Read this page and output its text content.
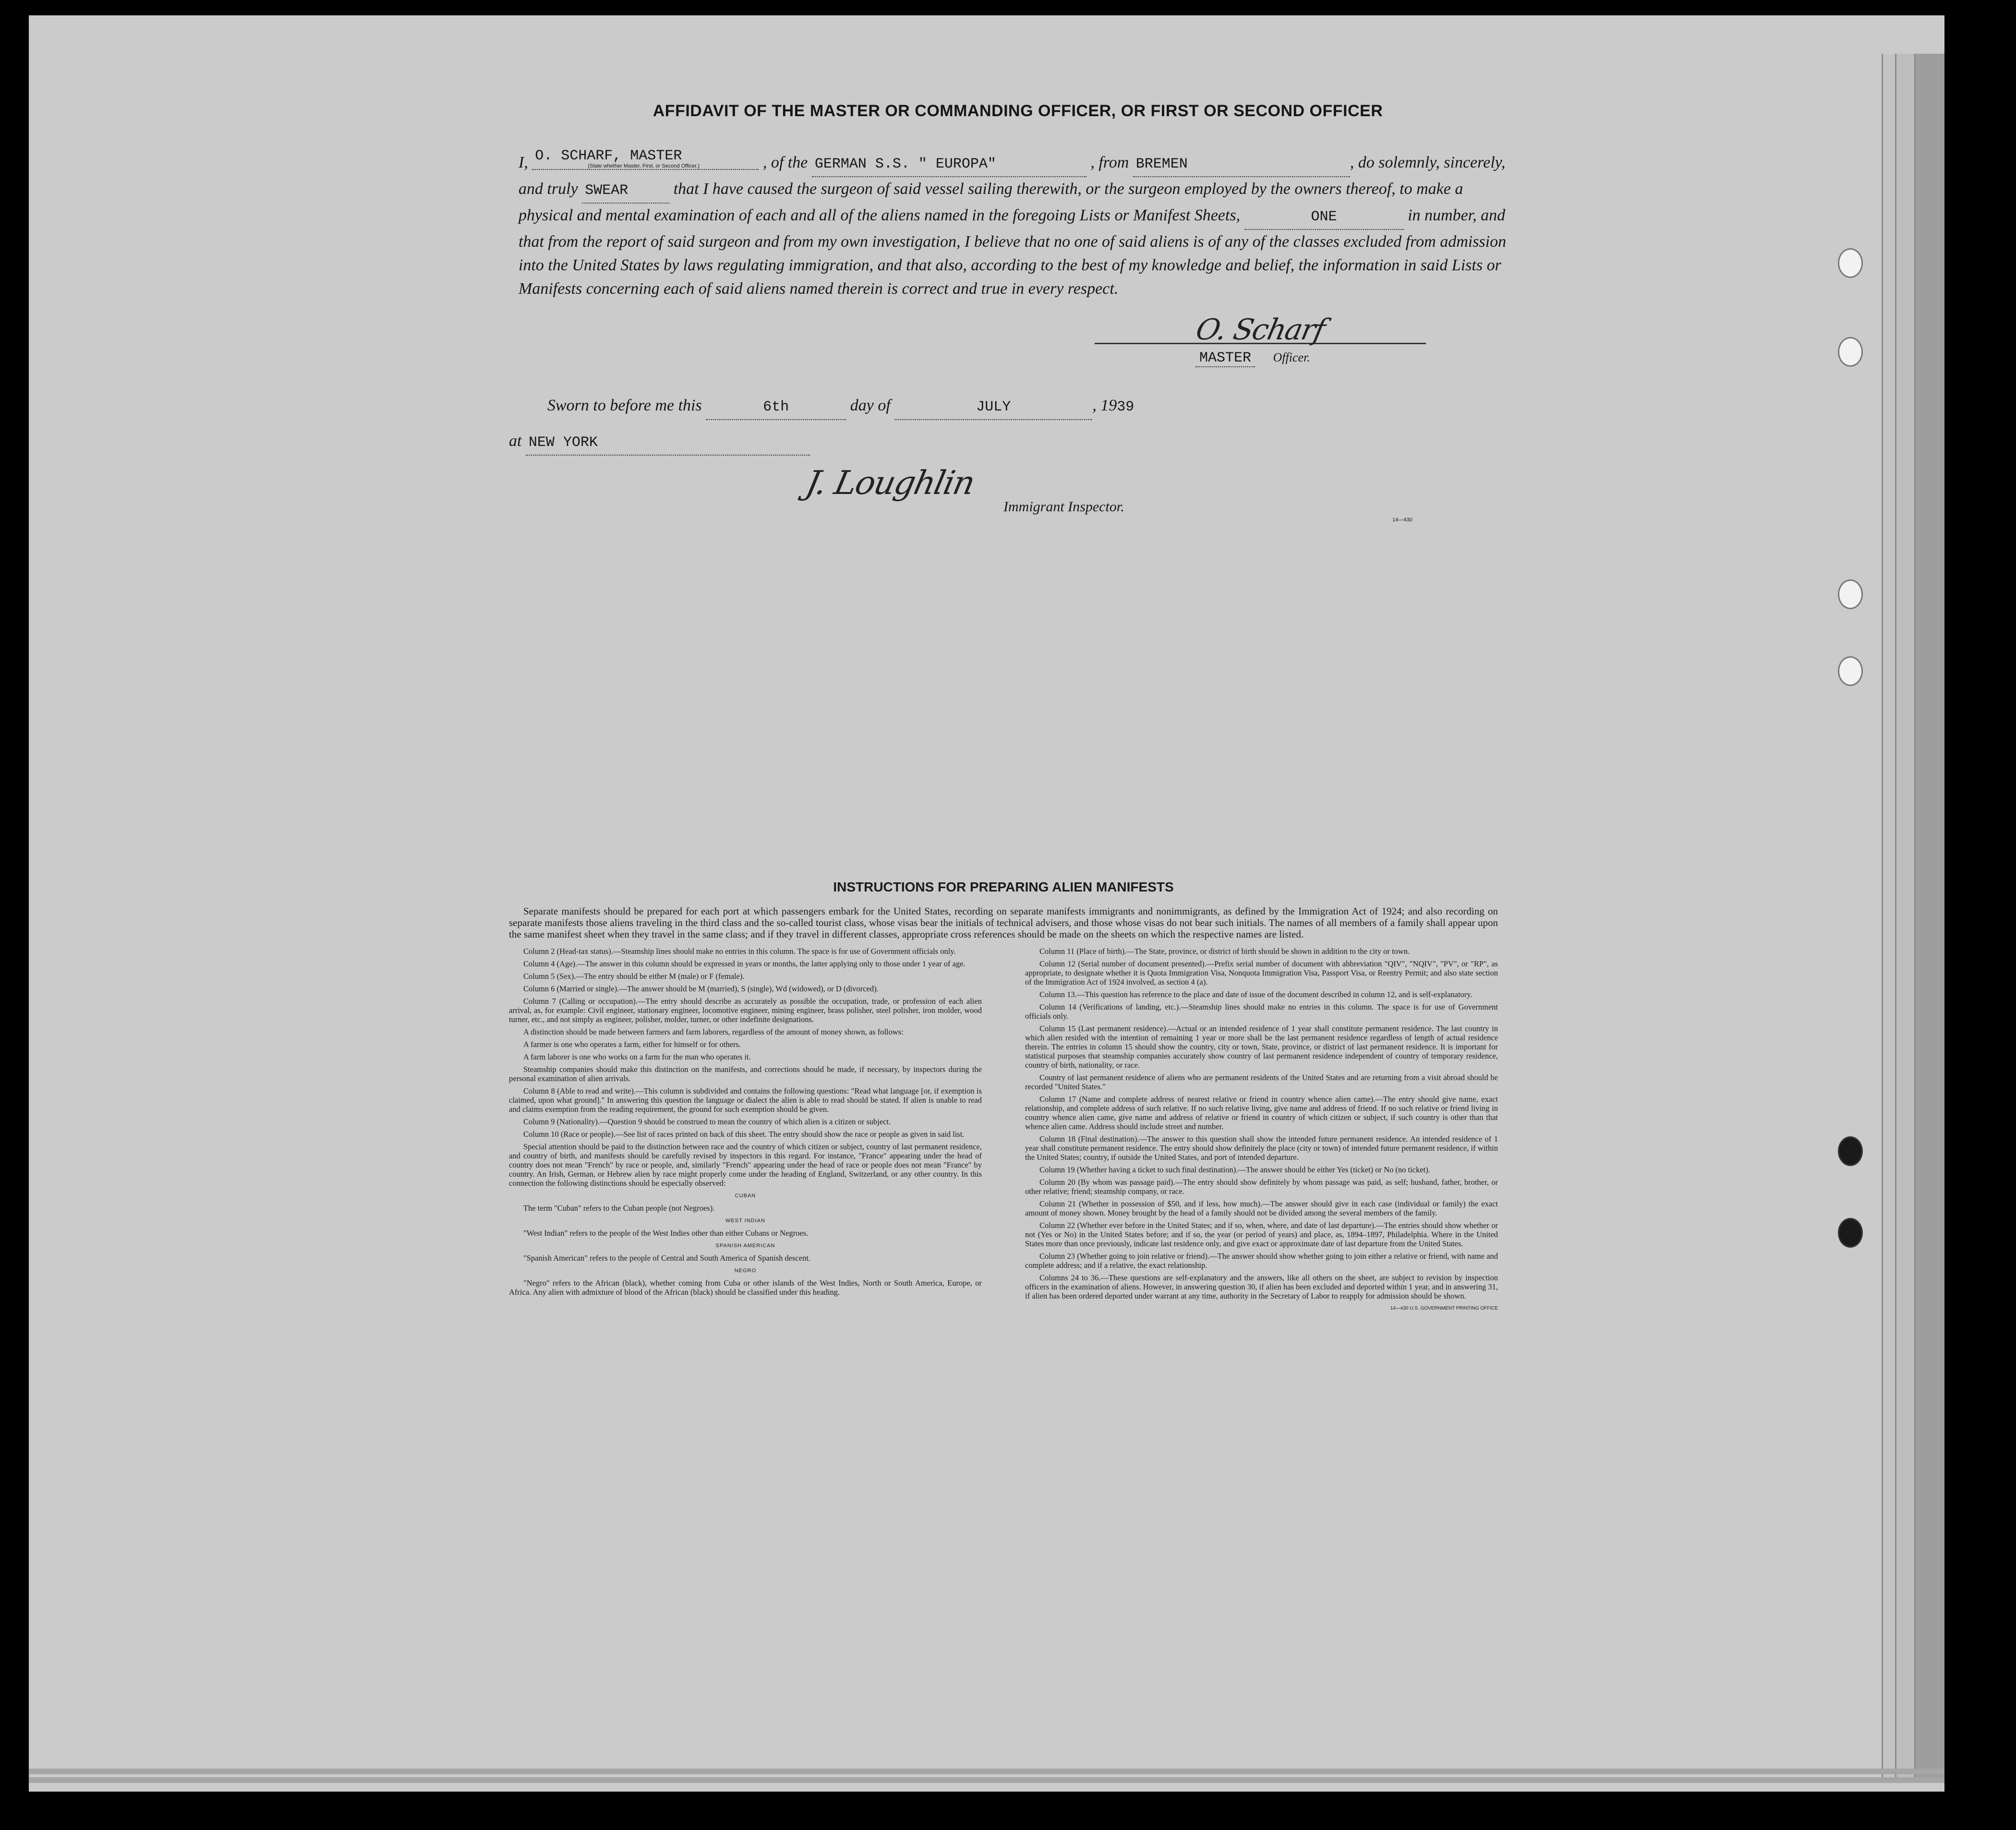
AFFIDAVIT OF THE MASTER OR COMMANDING OFFICER, OR FIRST OR SECOND OFFICER
I, O. SCHARF, MASTER
(State whether Master, First, or Second Officer.)	, of the GERMAN S.S. " EUROPA"	, from BREMEN	, do solemnly, sincerely, and truly SWEAR	that I have caused the surgeon of said vessel sailing therewith, or the surgeon employed by the owners thereof, to make a physical and mental examination of each and all of the aliens named in the foregoing Lists or Manifest Sheets,	ONE	in number, and that from the report of said surgeon and from my own investigation, I believe that no one of said aliens is of any of the classes excluded from admission into the United States by laws regulating immigration, and that also, according to the best of my knowledge and belief, the information in said Lists or Manifests concerning each of said aliens named therein is correct and true in every respect.
O. Scharf
MASTER Officer.
Sworn to before me this	6th	day of	JULY	, 1939
at NEW YORK
J. Loughlin
Immigrant Inspector.
14—430
INSTRUCTIONS FOR PREPARING ALIEN MANIFESTS

Separate manifests should be prepared for each port at which passengers embark for the United States, recording on separate manifests immigrants and nonimmigrants, as defined by the Immigration Act of 1924; and also recording on separate manifests those aliens traveling in the third class and the so-called tourist class, whose visas bear the initials of technical advisers, and those whose visas do not bear such initials. The names of all members of a family shall appear upon the same manifest sheet when they travel in the same class; and if they travel in different classes, appropriate cross references should be made on the sheets on which the respective names are listed.

Column 2 (Head-tax status).—Steamship lines should make no entries in this column. The space is for use of Government officials only.

Column 4 (Age).—The answer in this column should be expressed in years or months, the latter applying only to those under 1 year of age.

Column 5 (Sex).—The entry should be either M (male) or F (female).

Column 6 (Married or single).—The answer should be M (married), S (single), Wd (widowed), or D (divorced).

Column 7 (Calling or occupation).—The entry should describe as accurately as possible the occupation, trade, or profession of each alien arrival, as, for example: Civil engineer, stationary engineer, locomotive engineer, mining engineer, brass polisher, steel polisher, iron molder, wood turner, etc., and not simply as engineer, polisher, molder, turner, or other indefinite designations.

A distinction should be made between farmers and farm laborers, regardless of the amount of money shown, as follows:

A farmer is one who operates a farm, either for himself or for others.

A farm laborer is one who works on a farm for the man who operates it.

Steamship companies should make this distinction on the manifests, and corrections should be made, if necessary, by inspectors during the personal examination of alien arrivals.

Column 8 (Able to read and write).—This column is subdivided and contains the following questions: "Read what language [or, if exemption is claimed, upon what ground]." In answering this question the language or dialect the alien is able to read should be stated. If alien is unable to read and claims exemption from the reading requirement, the ground for such exemption should be given.

Column 9 (Nationality).—Question 9 should be construed to mean the country of which alien is a citizen or subject.

Column 10 (Race or people).—See list of races printed on back of this sheet. The entry should show the race or people as given in said list.

Special attention should be paid to the distinction between race and the country of which citizen or subject, country of last permanent residence, and country of birth, and manifests should be carefully revised by inspectors in this regard. For instance, "France" appearing under the head of country does not mean "French" by race or people, and, similarly "French" appearing under the head of race or people does not mean "France" by country. An Irish, German, or Hebrew alien by race might properly come under the heading of England, Switzerland, or any other country. In this connection the following distinctions should be especially observed:

CUBAN

The term "Cuban" refers to the Cuban people (not Negroes).

WEST INDIAN

"West Indian" refers to the people of the West Indies other than either Cubans or Negroes.

SPANISH AMERICAN

"Spanish American" refers to the people of Central and South America of Spanish descent.

NEGRO

"Negro" refers to the African (black), whether coming from Cuba or other islands of the West Indies, North or South America, Europe, or Africa. Any alien with admixture of blood of the African (black) should be classified under this heading.

Column 11 (Place of birth).—The State, province, or district of birth should be shown in addition to the city or town.

Column 12 (Serial number of document presented).—Prefix serial number of document with abbreviation "QIV", "NQIV", "PV", or "RP", as appropriate, to designate whether it is Quota Immigration Visa, Nonquota Immigration Visa, Passport Visa, or Reentry Permit; and also state section of the Immigration Act of 1924 involved, as section 4 (a).

Column 13.—This question has reference to the place and date of issue of the document described in column 12, and is self-explanatory.

Column 14 (Verifications of landing, etc.).—Steamship lines should make no entries in this column. The space is for use of Government officials only.

Column 15 (Last permanent residence).—Actual or an intended residence of 1 year shall constitute permanent residence. The last country in which alien resided with the intention of remaining 1 year or more shall be the last permanent residence regardless of length of actual residence therein. The entries in column 15 should show the country, city or town, State, province, or district of last permanent residence. It is important for statistical purposes that steamship companies accurately show country of last permanent residence independent of country of temporary residence, country of birth, nationality, or race.

Country of last permanent residence of aliens who are permanent residents of the United States and are returning from a visit abroad should be recorded "United States."

Column 17 (Name and complete address of nearest relative or friend in country whence alien came).—The entry should give name, exact relationship, and complete address of such relative. If no such relative living, give name and address of friend. If no such relative or friend living in country whence alien came, give name and address of relative or friend in country of which citizen or subject, if such country is other than that whence alien came. Address should include street and number.

Column 18 (Final destination).—The answer to this question shall show the intended future permanent residence. An intended residence of 1 year shall constitute permanent residence. The entry should show definitely the place (city or town) of intended future permanent residence, if within the United States; country, if outside the United States, and port of intended departure.

Column 19 (Whether having a ticket to such final destination).—The answer should be either Yes (ticket) or No (no ticket).

Column 20 (By whom was passage paid).—The entry should show definitely by whom passage was paid, as self; husband, father, brother, or other relative; friend; steamship company, or race.

Column 21 (Whether in possession of $50, and if less, how much).—The answer should give in each case (individual or family) the exact amount of money shown. Money brought by the head of a family should not be divided among the several members of the family.

Column 22 (Whether ever before in the United States; and if so, when, where, and date of last departure).—The entries should show whether or not (Yes or No) in the United States before; and if so, the year (or period of years) and place, as, 1894–1897, Philadelphia. Where in the United States more than once previously, indicate last residence only, and give exact or approximate date of last departure from the United States.

Column 23 (Whether going to join relative or friend).—The answer should show whether going to join either a relative or friend, with name and complete address; and if a relative, the exact relationship.

Columns 24 to 36.—These questions are self-explanatory and the answers, like all others on the sheet, are subject to revision by inspection officers in the examination of aliens. However, in answering question 30, if alien has been excluded and deported within 1 year, and in answering 31, if alien has been ordered deported under warrant at any time, authority in the Secretary of Labor to reapply for admission should be shown.

14—430 U.S. GOVERNMENT PRINTING OFFICE
